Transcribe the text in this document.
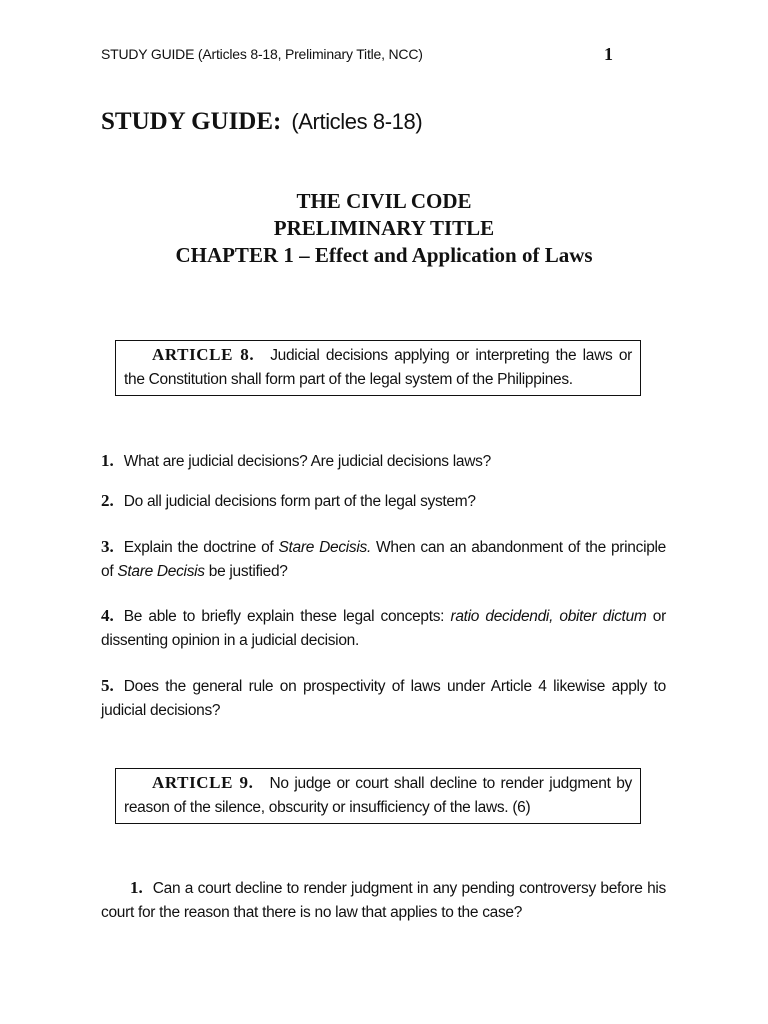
STUDY GUIDE (Articles 8-18, Preliminary Title, NCC)	1
STUDY GUIDE: (Articles 8-18)
THE CIVIL CODE
PRELIMINARY TITLE
CHAPTER 1 – Effect and Application of Laws
ARTICLE 8. Judicial decisions applying or interpreting the laws or the Constitution shall form part of the legal system of the Philippines.
1. What are judicial decisions? Are judicial decisions laws?
2. Do all judicial decisions form part of the legal system?
3. Explain the doctrine of Stare Decisis. When can an abandonment of the principle of Stare Decisis be justified?
4. Be able to briefly explain these legal concepts: ratio decidendi, obiter dictum or dissenting opinion in a judicial decision.
5. Does the general rule on prospectivity of laws under Article 4 likewise apply to judicial decisions?
ARTICLE 9. No judge or court shall decline to render judgment by reason of the silence, obscurity or insufficiency of the laws. (6)
1. Can a court decline to render judgment in any pending controversy before his court for the reason that there is no law that applies to the case?
